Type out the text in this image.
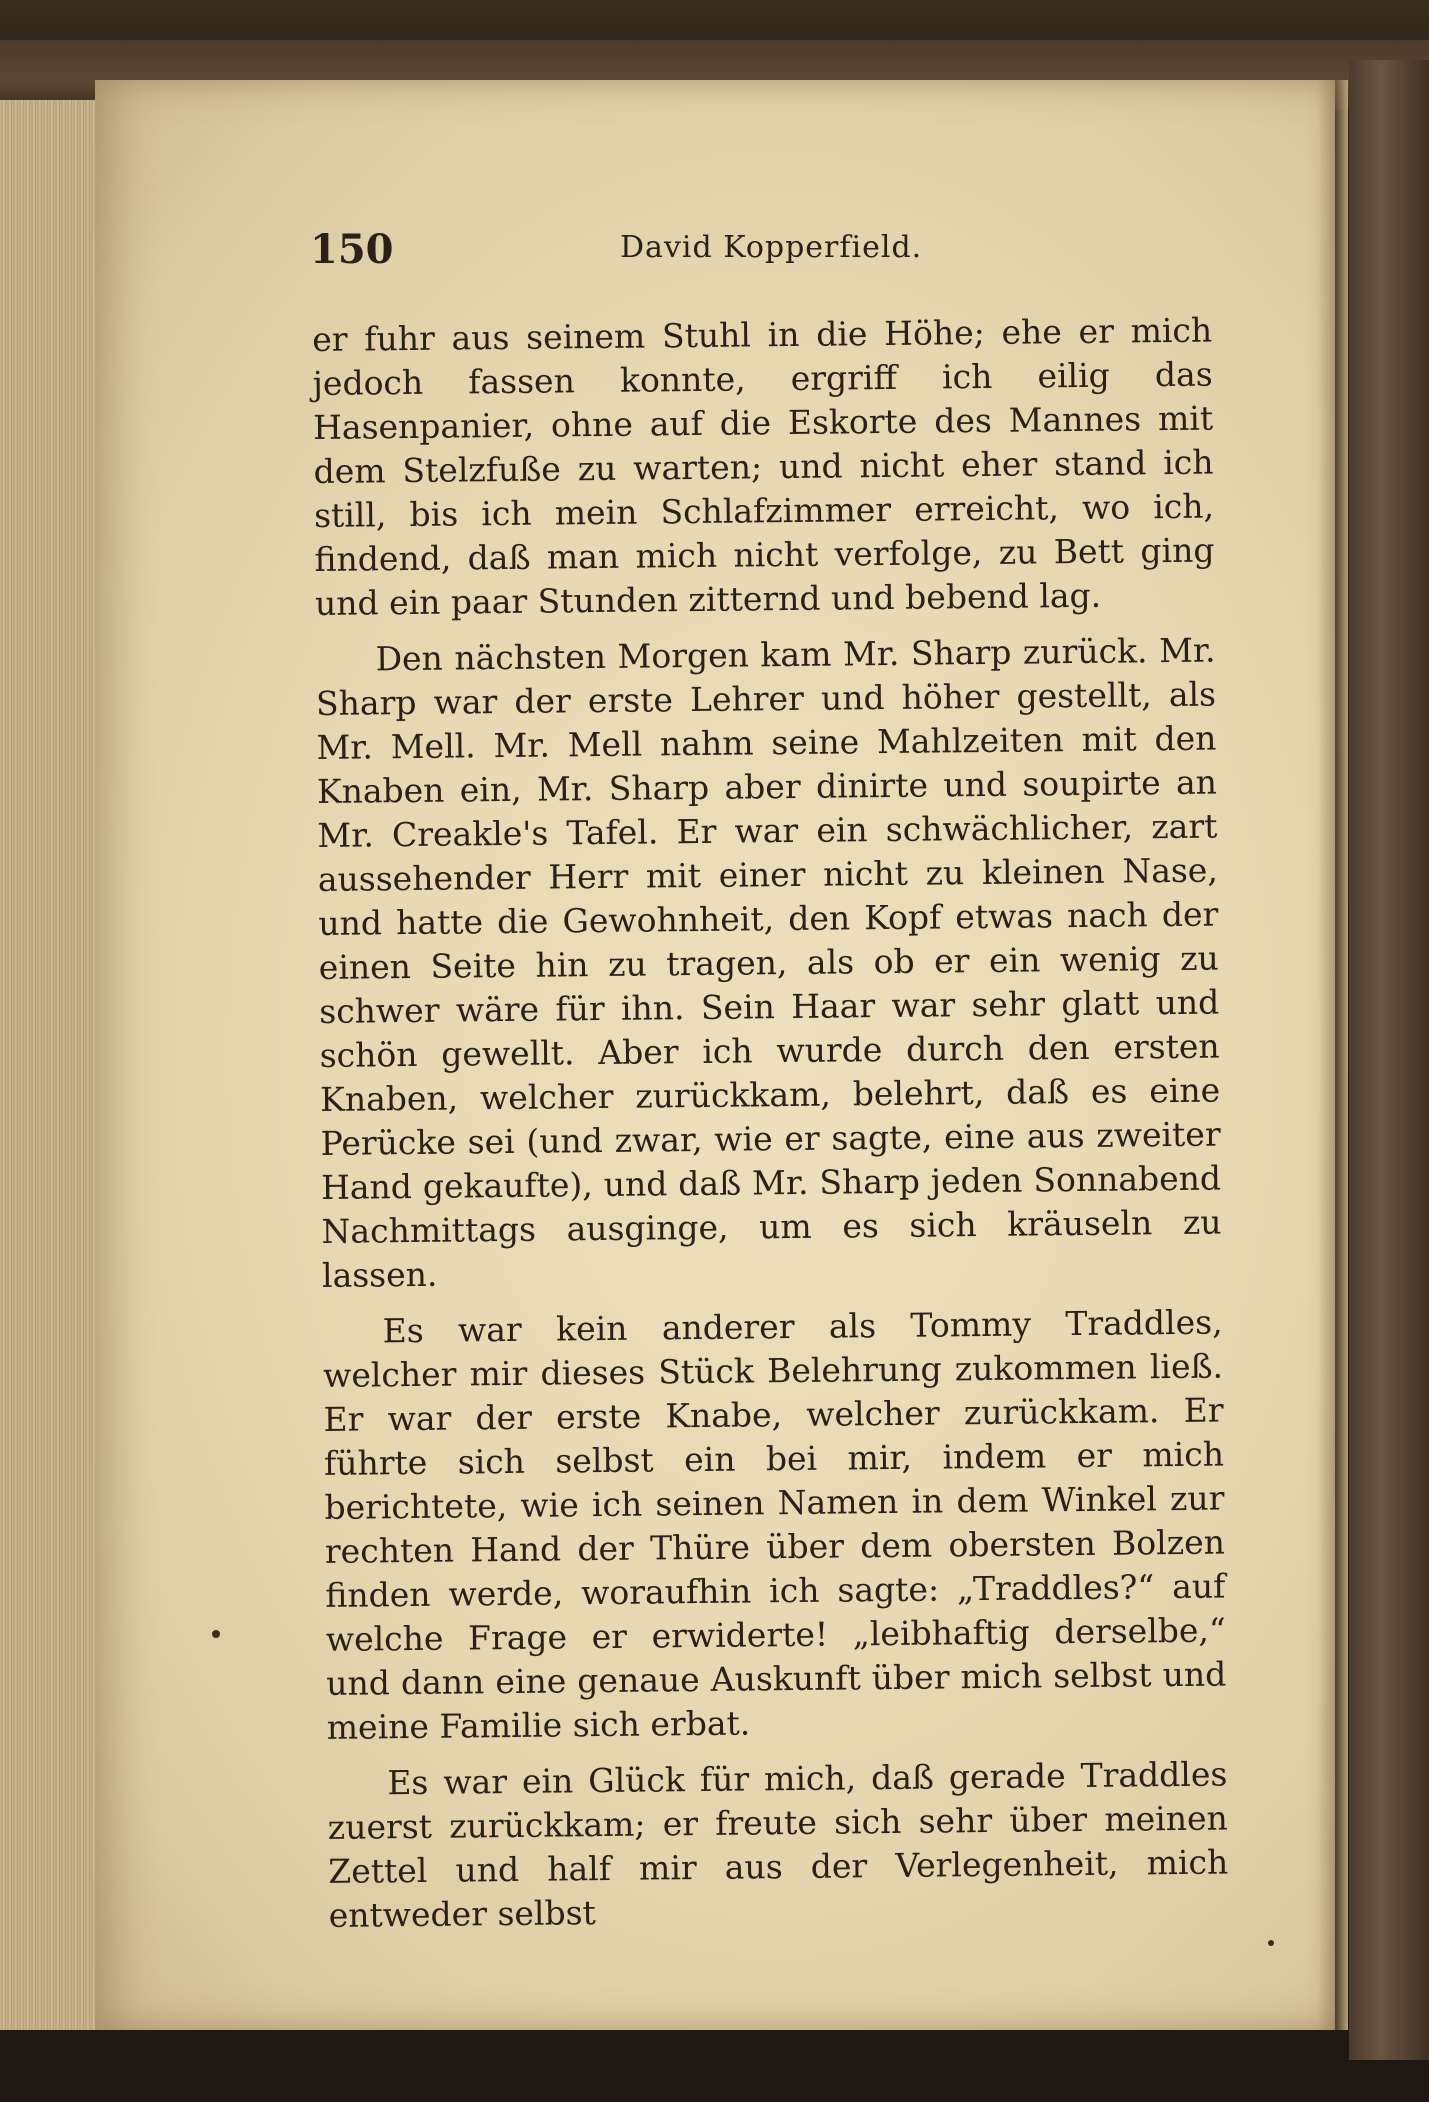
150	David Kopperfield.

er fuhr aus seinem Stuhl in die Höhe; ehe er mich jedoch fassen konnte, ergriff ich eilig das Hasenpanier, ohne auf die Eskorte des Mannes mit dem Stelzfuße zu warten; und nicht eher stand ich still, bis ich mein Schlafzimmer erreicht, wo ich, findend, daß man mich nicht verfolge, zu Bett ging und ein paar Stunden zitternd und bebend lag.

Den nächsten Morgen kam Mr. Sharp zurück. Mr. Sharp war der erste Lehrer und höher gestellt, als Mr. Mell. Mr. Mell nahm seine Mahlzeiten mit den Knaben ein, Mr. Sharp aber dinirte und soupirte an Mr. Creakle's Tafel. Er war ein schwächlicher, zart aussehender Herr mit einer nicht zu kleinen Nase, und hatte die Gewohnheit, den Kopf etwas nach der einen Seite hin zu tragen, als ob er ein wenig zu schwer wäre für ihn. Sein Haar war sehr glatt und schön gewellt. Aber ich wurde durch den ersten Knaben, welcher zurückkam, belehrt, daß es eine Perücke sei (und zwar, wie er sagte, eine aus zweiter Hand gekaufte), und daß Mr. Sharp jeden Sonnabend Nachmittags ausginge, um es sich kräuseln zu lassen.

Es war kein anderer als Tommy Traddles, welcher mir dieses Stück Belehrung zukommen ließ. Er war der erste Knabe, welcher zurückkam. Er führte sich selbst ein bei mir, indem er mich berichtete, wie ich seinen Namen in dem Winkel zur rechten Hand der Thüre über dem obersten Bolzen finden werde, woraufhin ich sagte: „Traddles?“ auf welche Frage er erwiderte! „leibhaftig derselbe,“ und dann eine genaue Auskunft über mich selbst und meine Familie sich erbat.

Es war ein Glück für mich, daß gerade Traddles zuerst zurückkam; er freute sich sehr über meinen Zettel und half mir aus der Verlegenheit, mich entweder selbst
